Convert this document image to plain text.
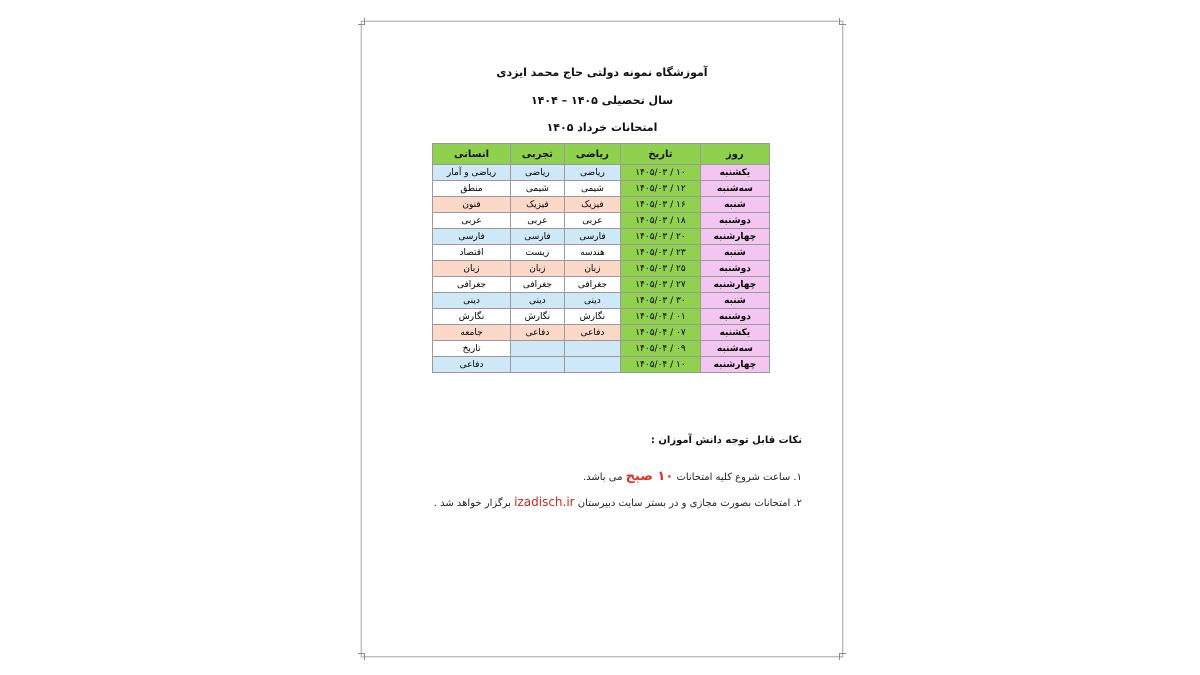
آموزشگاه نمونه دولتی حاج محمد ایزدی
سال تحصیلی ۱۴۰۵ – ۱۴۰۴
امتحانات خرداد ۱۴۰۵
روز	تاریخ	ریاضی	تجربی	انسانی
یکشنبه	۱۴۰۵/۰۳ / ۱۰	ریاضی	ریاضی	ریاضی و آمار
سه‌شنبه	۱۴۰۵/۰۳ / ۱۲	شیمی	شیمی	منطق
شنبه	۱۴۰۵/۰۳ / ۱۶	فیزیک	فیزیک	فنون
دوشنبه	۱۴۰۵/۰۳ / ۱۸	عربی	عربی	عربی
چهارشنبه	۱۴۰۵/۰۳ / ۲۰	فارسی	فارسی	فارسی
شنبه	۱۴۰۵/۰۳ / ۲۳	هندسه	زیست	اقتصاد
دوشنبه	۱۴۰۵/۰۳ / ۲۵	زبان	زبان	زبان
چهارشنبه	۱۴۰۵/۰۳ / ۲۷	جغرافی	جغرافی	جغرافی
شنبه	۱۴۰۵/۰۳ / ۳۰	دینی	دینی	دینی
دوشنبه	۱۴۰۵/۰۴ / ۰۱	نگارش	نگارش	نگارش
یکشنبه	۱۴۰۵/۰۴ / ۰۷	دفاعی	دفاعی	جامعه
سه‌شنبه	۱۴۰۵/۰۴ / ۰۹			تاریخ
چهارشنبه	۱۴۰۵/۰۴ / ۱۰			دفاعی
نکات قابل توجه دانش آموزان :
۱. ساعت شروع کلیه امتحانات ۱۰ صبح می باشد.
۲. امتحانات بصورت مجازی و در بستر سایت دبیرستان izadisch.ir برگزار خواهد شد .
